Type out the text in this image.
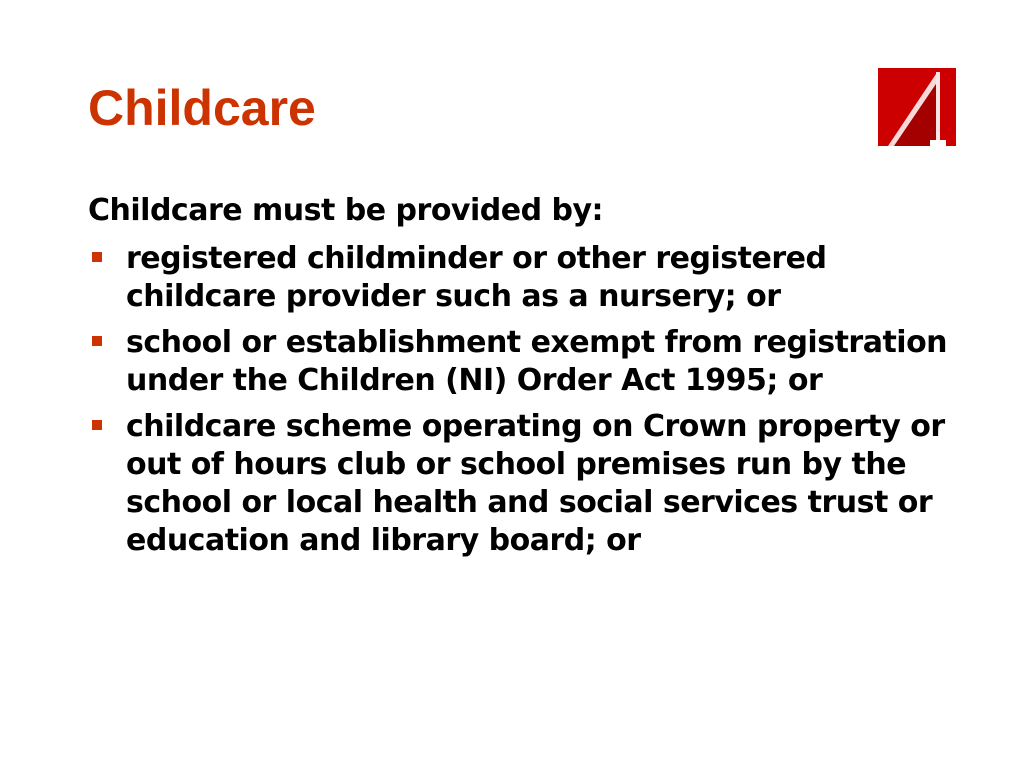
Childcare

Childcare must be provided by:

registered childminder or other registered childcare provider such as a nursery; or
school or establishment exempt from registration under the Children (NI) Order Act 1995; or
childcare scheme operating on Crown property or out of hours club or school premises run by the school or local health and social services trust or education and library board; or
